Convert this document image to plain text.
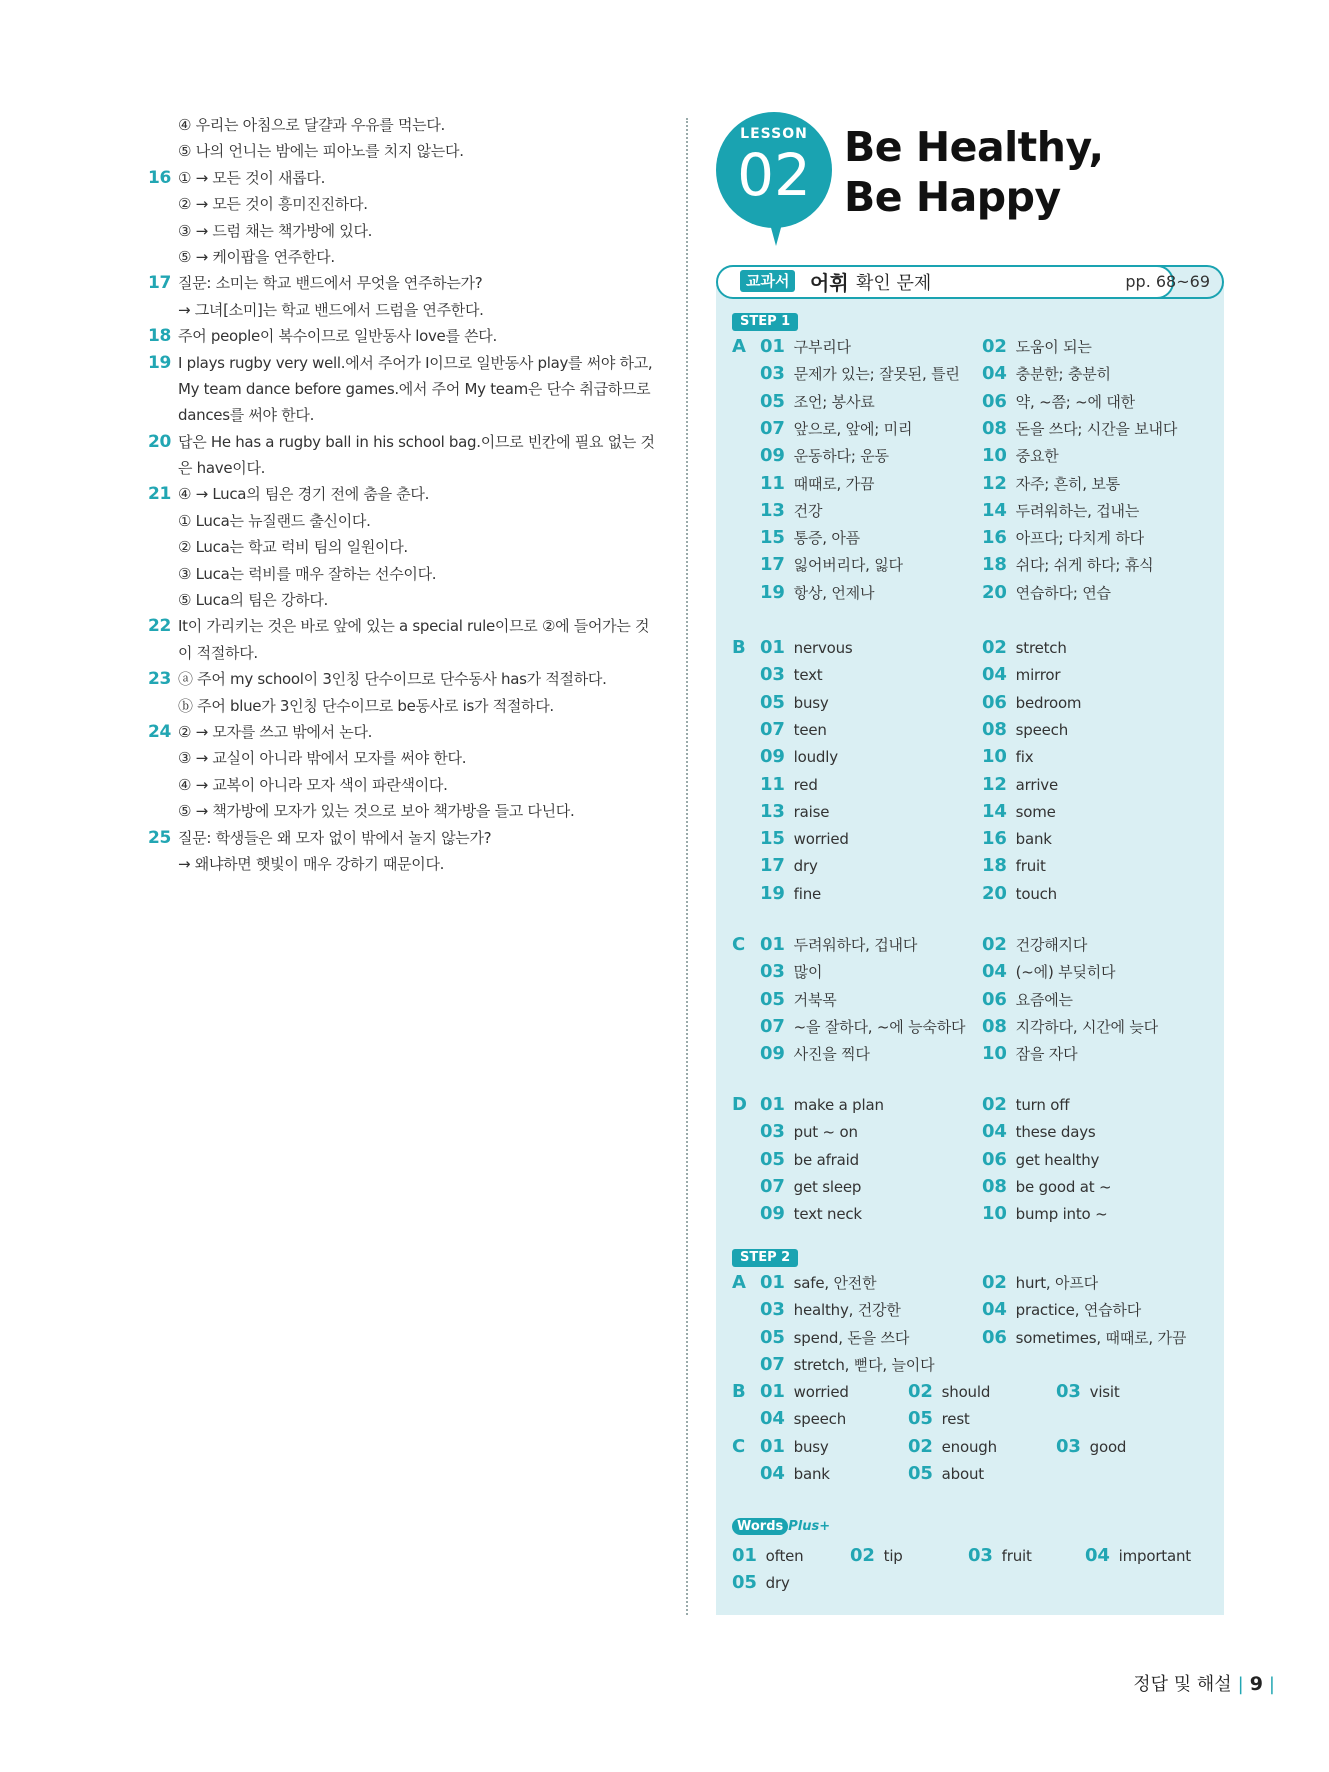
④ 우리는 아침으로 달걀과 우유를 먹는다.
⑤ 나의 언니는 밤에는 피아노를 치지 않는다.
16 ① → 모든 것이 새롭다.
② → 모든 것이 흥미진진하다.
③ → 드럼 채는 책가방에 있다.
⑤ → 케이팝을 연주한다.
17 질문: 소미는 학교 밴드에서 무엇을 연주하는가?
→ 그녀[소미]는 학교 밴드에서 드럼을 연주한다.
18 주어 people이 복수이므로 일반동사 love를 쓴다.
19 I plays rugby very well.에서 주어가 I이므로 일반동사 play를 써야 하고,
My team dance before games.에서 주어 My team은 단수 취급하므로
dances를 써야 한다.
20 답은 He has a rugby ball in his school bag.이므로 빈칸에 필요 없는 것
은 have이다.
21 ④ → Luca의 팀은 경기 전에 춤을 춘다.
① Luca는 뉴질랜드 출신이다.
② Luca는 학교 럭비 팀의 일원이다.
③ Luca는 럭비를 매우 잘하는 선수이다.
⑤ Luca의 팀은 강하다.
22 It이 가리키는 것은 바로 앞에 있는 a special rule이므로 ②에 들어가는 것
이 적절하다.
23 ⓐ 주어 my school이 3인칭 단수이므로 단수동사 has가 적절하다.
ⓑ 주어 blue가 3인칭 단수이므로 be동사로 is가 적절하다.
24 ② → 모자를 쓰고 밖에서 논다.
③ → 교실이 아니라 밖에서 모자를 써야 한다.
④ → 교복이 아니라 모자 색이 파란색이다.
⑤ → 책가방에 모자가 있는 것으로 보아 책가방을 들고 다닌다.
25 질문: 학생들은 왜 모자 없이 밖에서 놀지 않는가?
→ 왜냐하면 햇빛이 매우 강하기 때문이다.
LESSON
02 Be Healthy,
Be Happy
교과서	어휘 확인 문제	pp. 68~69
STEP 1
A 01 구부리다	02 도움이 되는
03 문제가 있는; 잘못된, 틀린 04 충분한; 충분히
05 조언; 봉사료	06 약, ~쯤; ~에 대한
07 앞으로, 앞에; 미리	08 돈을 쓰다; 시간을 보내다
09 운동하다; 운동	10 중요한
11 때때로, 가끔	12 자주; 흔히, 보통
13 건강	14 두려워하는, 겁내는
15 통증, 아픔	16 아프다; 다치게 하다
17 잃어버리다, 잃다	18 쉬다; 쉬게 하다; 휴식
19 항상, 언제나	20 연습하다; 연습
B 01 nervous	02 stretch
03 text	04 mirror
05 busy	06 bedroom
07 teen	08 speech
09 loudly	10 fix
11 red	12 arrive
13 raise	14 some
15 worried	16 bank
17 dry	18 fruit
19 fine	20 touch
C 01 두려워하다, 겁내다	02 건강해지다
03 많이	04 (~에) 부딪히다
05 거북목	06 요즘에는
07 ~을 잘하다, ~에 능숙하다 08 지각하다, 시간에 늦다
09 사진을 찍다	10 잠을 자다
D 01 make a plan	02 turn off
03 put ~ on	04 these days
05 be afraid	06 get healthy
07 get sleep	08 be good at ~
09 text neck	10 bump into ~
STEP 2
A 01 safe, 안전한	02 hurt, 아프다
03 healthy, 건강한	04 practice, 연습하다
05 spend, 돈을 쓰다	06 sometimes, 때때로, 가끔
07 stretch, 뻗다, 늘이다
B 01 worried	02 should	03 visit
04 speech	05 rest
C 01 busy	02 enough	03 good
04 bank	05 about
Words Plus+
01 often	02 tip	03 fruit	04 important
05 dry
정답 및 해설 | 9 |
